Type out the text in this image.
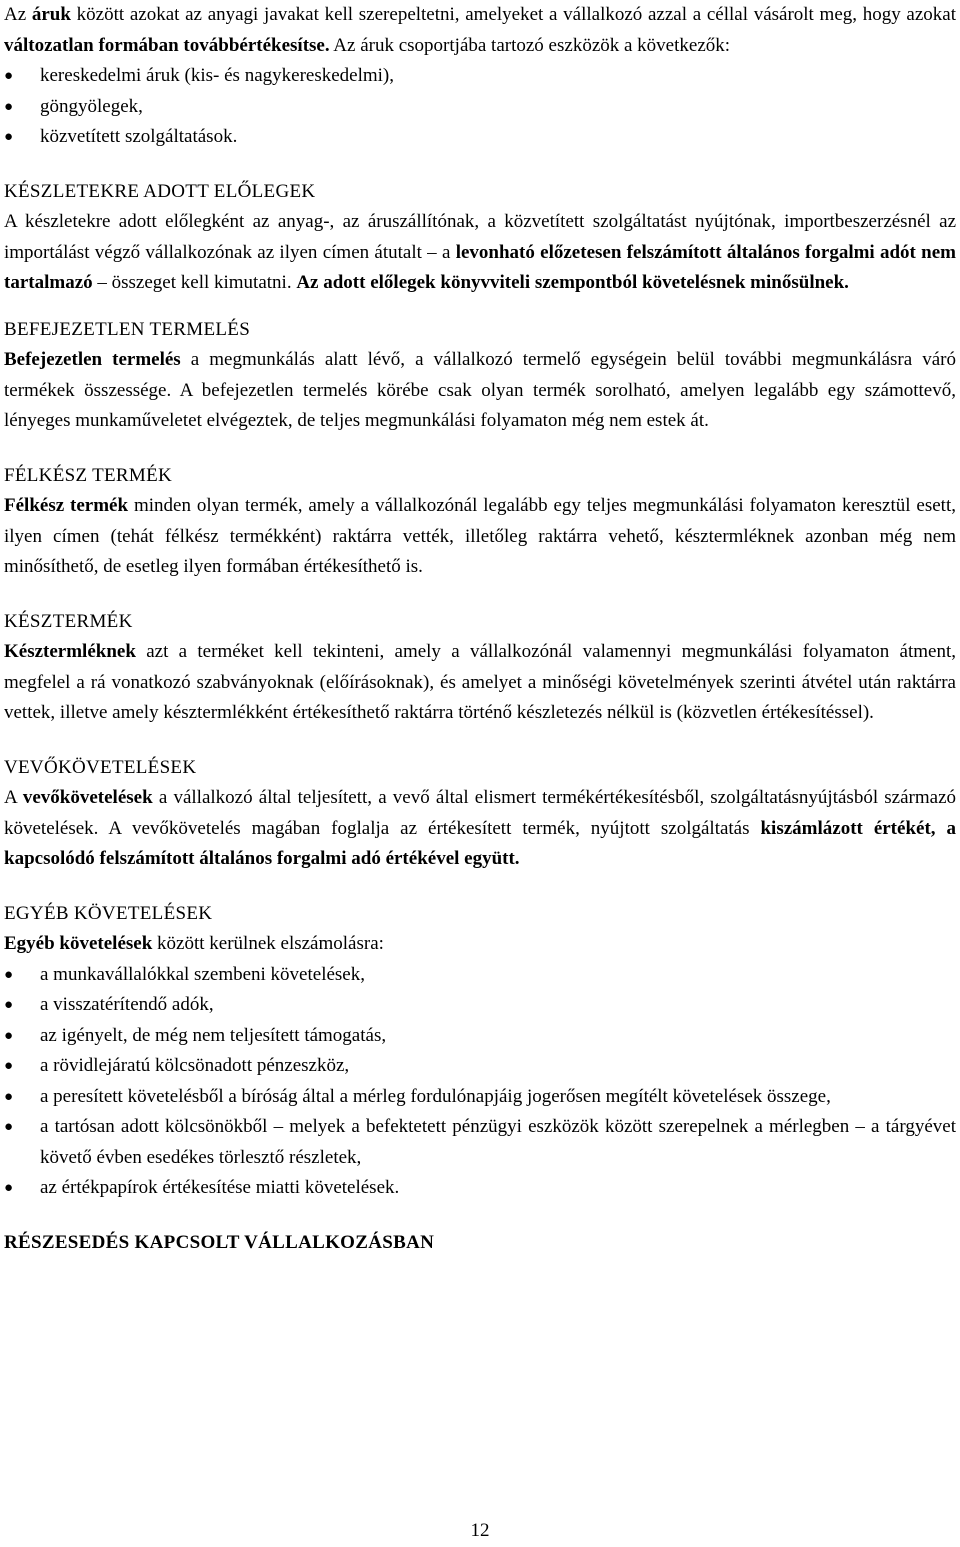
Az áruk között azokat az anyagi javakat kell szerepeltetni, amelyeket a vállalkozó azzal a céllal vásárolt meg, hogy azokat változatlan formában továbbértékesítse. Az áruk csoportjába tartozó eszközök a következők:

●	kereskedelmi áruk (kis- és nagykereskedelmi),
●	göngyölegek,
●	közvetített szolgáltatások.
KÉSZLETEKRE ADOTT ELŐLEGEK

A készletekre adott előlegként az anyag-, az áruszállítónak, a közvetített szolgáltatást nyújtónak, importbeszerzésnél az importálást végző vállalkozónak az ilyen címen átutalt – a levonható előzetesen felszámított általános forgalmi adót nem tartalmazó – összeget kell kimutatni. Az adott előlegek könyvviteli szempontból követelésnek minősülnek.

BEFEJEZETLEN TERMELÉS

Befejezetlen termelés a megmunkálás alatt lévő, a vállalkozó termelő egységein belül további megmunkálásra váró termékek összessége. A befejezetlen termelés körébe csak olyan termék sorolható, amelyen legalább egy számottevő, lényeges munkaműveletet elvégeztek, de teljes megmunkálási folyamaton még nem estek át.

FÉLKÉSZ TERMÉK

Félkész termék minden olyan termék, amely a vállalkozónál legalább egy teljes megmunkálási folyamaton keresztül esett, ilyen címen (tehát félkész termékként) raktárra vették, illetőleg raktárra vehető, késztermléknek azonban még nem minősíthető, de esetleg ilyen formában értékesíthető is.

KÉSZTERMÉK

Késztermléknek azt a terméket kell tekinteni, amely a vállalkozónál valamennyi megmunkálási folyamaton átment, megfelel a rá vonatkozó szabványoknak (előírásoknak), és amelyet a minőségi követelmények szerinti átvétel után raktárra vettek, illetve amely késztermlékként értékesíthető raktárra történő készletezés nélkül is (közvetlen értékesítéssel).

VEVŐKÖVETELÉSEK

A vevőkövetelések a vállalkozó által teljesített, a vevő által elismert termékértékesítésből, szolgáltatásnyújtásból származó követelések. A vevőkövetelés magában foglalja az értékesített termék, nyújtott szolgáltatás kiszámlázott értékét, a kapcsolódó felszámított általános forgalmi adó értékével együtt.

EGYÉB KÖVETELÉSEK

Egyéb követelések között kerülnek elszámolásra:

●	a munkavállalókkal szembeni követelések,
●	a visszatérítendő adók,
●	az igényelt, de még nem teljesített támogatás,
●	a rövidlejáratú kölcsönadott pénzeszköz,
●	a peresített követelésből a bíróság által a mérleg fordulónapjáig jogerősen megítélt követelések összege,
●	a tartósan adott kölcsönökből – melyek a befektetett pénzügyi eszközök között szerepelnek a mérlegben – a tárgyévet követő évben esedékes törlesztő részletek,
●	az értékpapírok értékesítése miatti követelések.
RÉSZESEDÉS KAPCSOLT VÁLLALKOZÁSBAN
12
